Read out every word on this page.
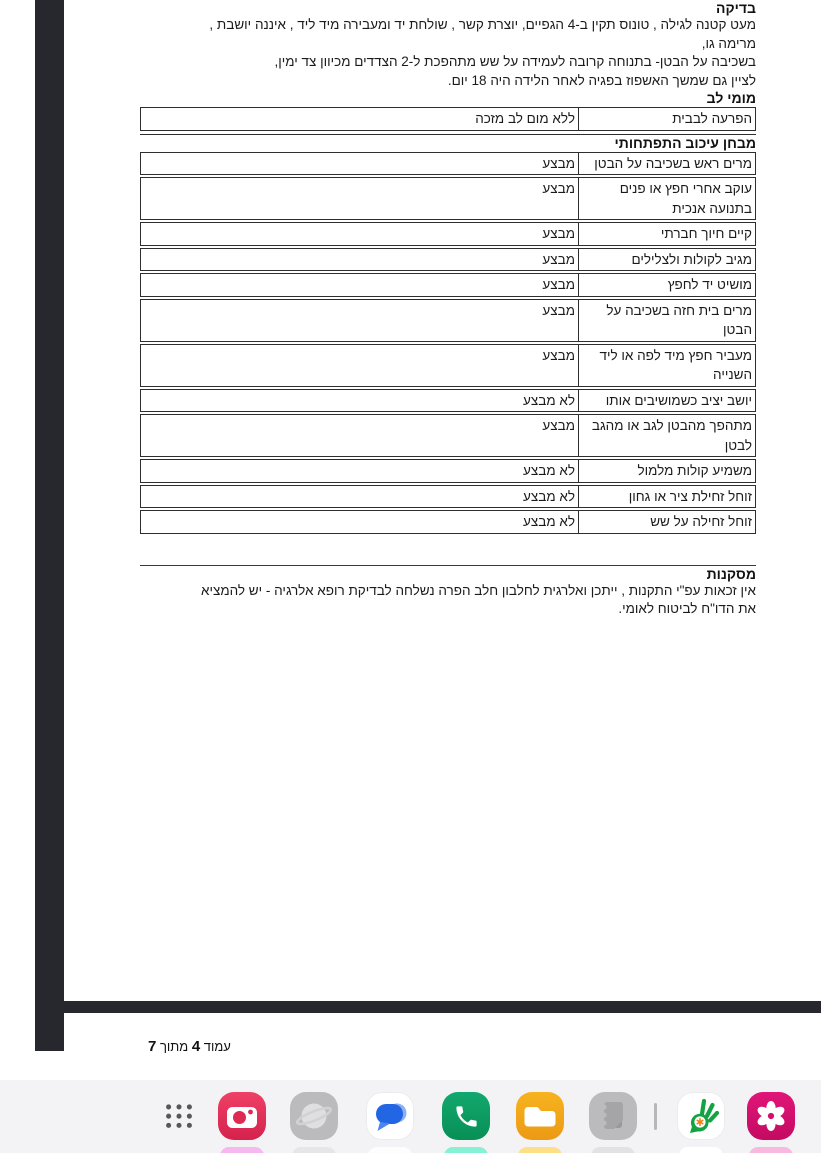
בדיקה
מעט קטנה לגילה , טונוס תקין ב-4 הגפיים, יוצרת קשר , שולחת יד ומעבירה מיד ליד , איננה יושבת ,
מרימה גו,
בשכיבה על הבטן- בתנוחה קרובה לעמידה על שש מתהפכת ל-2 הצדדים מכיוון צד ימין,
לציין גם שמשך האשפוז בפגיה לאחר הלידה היה 18 יום.
מומי לב
הפרעה לבבית
ללא מום לב מזכה
מבחן עיכוב התפתחותי
מרים ראש בשכיבה על הבטן
מבצע
עוקב אחרי חפץ או פנים בתנועה אנכית
מבצע
קיים חיוך חברתי
מבצע
מגיב לקולות ולצלילים
מבצע
מושיט יד לחפץ
מבצע
מרים בית חזה בשכיבה על הבטן
מבצע
מעביר חפץ מיד לפה או ליד השנייה
מבצע
יושב יציב כשמושיבים אותו
לא מבצע
מתהפך מהבטן לגב או מהגב לבטן
מבצע
משמיע קולות מלמול
לא מבצע
זוחל זחילת ציר או גחון
לא מבצע
זוחל זחילה על שש
לא מבצע
מסקנות
אין זכאות עפ"י התקנות , ייתכן ואלרגית לחלבון חלב הפרה נשלחה לבדיקת רופא אלרגיה - יש להמציא
את הדו"ח לביטוח לאומי.
עמוד 4 מתוך 7
